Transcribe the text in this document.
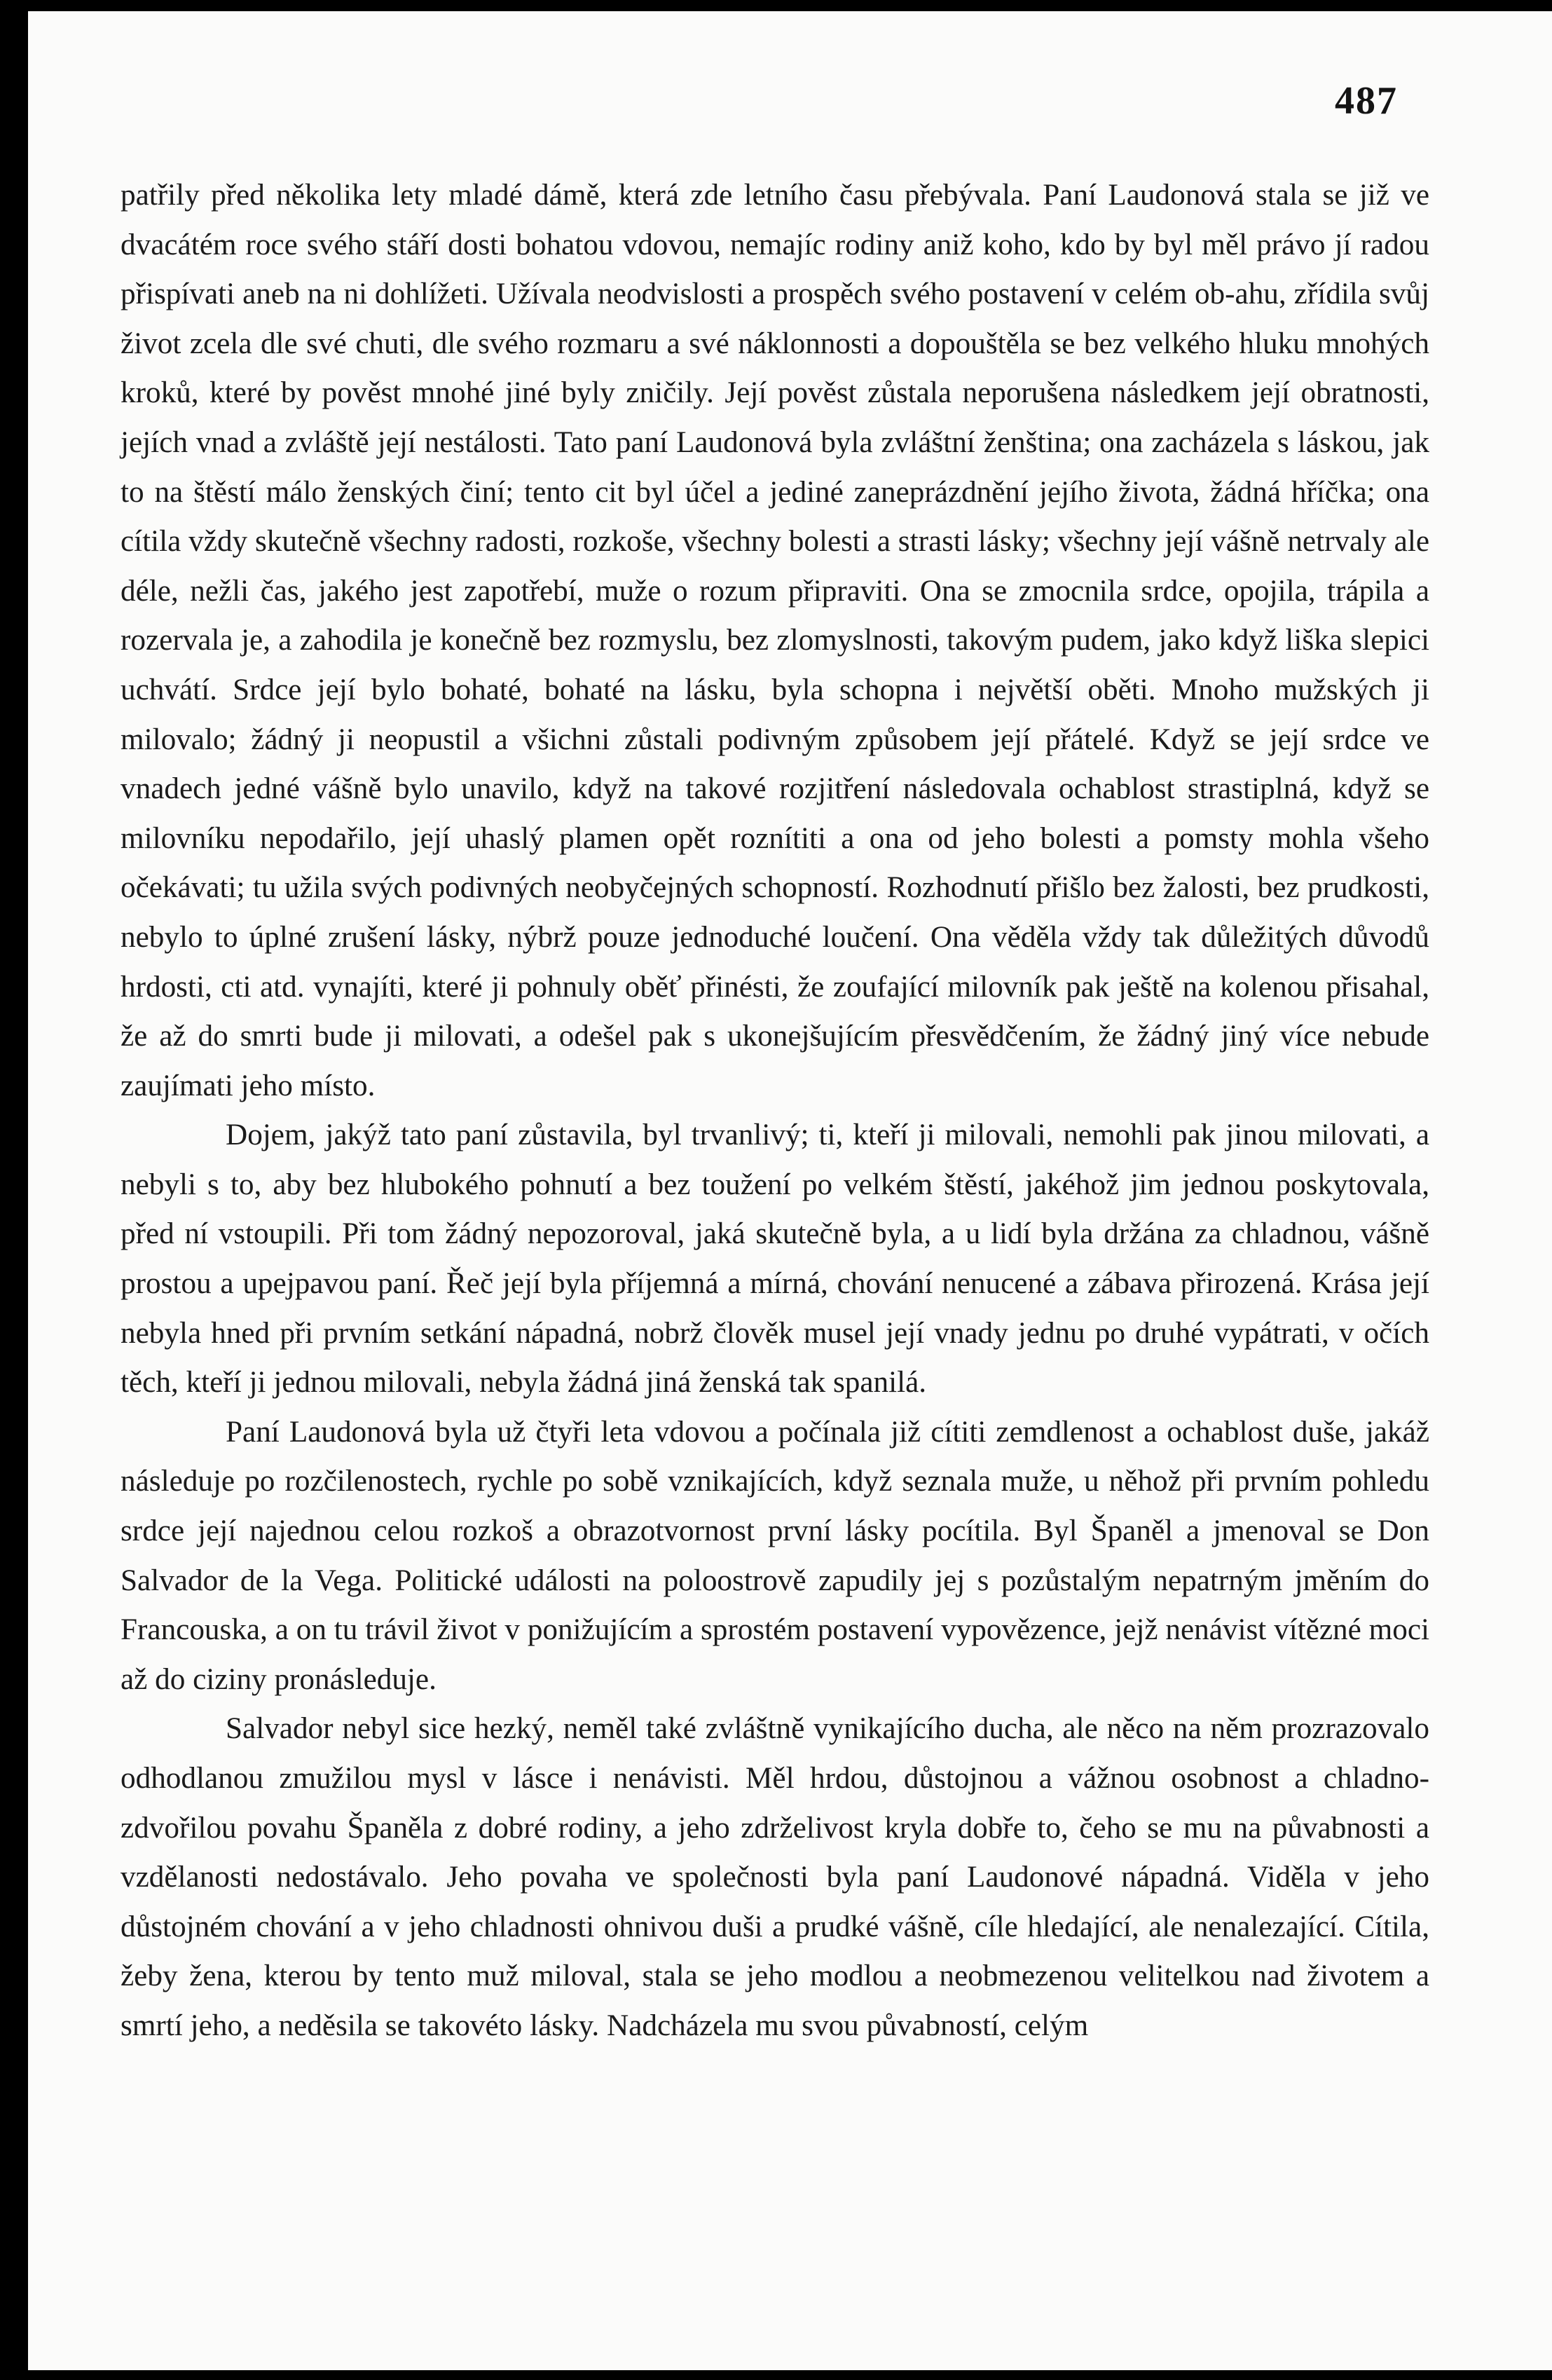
487

patřily před několika lety mladé dámě, která zde letního času přebývala. Paní Laudonová stala se již ve dvacátém roce svého stáří dosti bohatou vdovou, nemajíc rodiny aniž koho, kdo by byl měl právo jí radou přispívati aneb na ni dohlížeti. Užívala neodvislosti a prospěch svého postavení v celém ob-ahu, zřídila svůj život zcela dle své chuti, dle svého rozmaru a své náklonnosti a dopouštěla se bez velkého hluku mnohých kroků, které by pověst mnohé jiné byly zničily. Její pověst zůstala neporušena následkem její obratnosti, jejích vnad a zvláště její nestálosti. Tato paní Laudonová byla zvláštní ženština; ona zacházela s láskou, jak to na štěstí málo ženských činí; tento cit byl účel a jediné zaneprázdnění jejího života, žádná hříčka; ona cítila vždy skutečně všechny radosti, rozkoše, všechny bolesti a strasti lásky; všechny její vášně netrvaly ale déle, nežli čas, jakého jest zapotřebí, muže o rozum připraviti. Ona se zmocnila srdce, opojila, trápila a rozervala je, a zahodila je konečně bez rozmyslu, bez zlomyslnosti, takovým pudem, jako když liška slepici uchvátí. Srdce její bylo bohaté, bohaté na lásku, byla schopna i největší oběti. Mnoho mužských ji milovalo; žádný ji neopustil a všichni zůstali podivným způsobem její přátelé. Když se její srdce ve vnadech jedné vášně bylo unavilo, když na takové rozjitření následovala ochablost strastiplná, když se milovníku nepodařilo, její uhaslý plamen opět roznítiti a ona od jeho bolesti a pomsty mohla všeho očekávati; tu užila svých podivných neobyčejných schopností. Rozhodnutí přišlo bez žalosti, bez prudkosti, nebylo to úplné zrušení lásky, nýbrž pouze jednoduché loučení. Ona věděla vždy tak důležitých důvodů hrdosti, cti atd. vynajíti, které ji pohnuly oběť přinésti, že zoufající milovník pak ještě na kolenou přisahal, že až do smrti bude ji milovati, a odešel pak s ukonejšujícím přesvědčením, že žádný jiný více nebude zaujímati jeho místo.

Dojem, jakýž tato paní zůstavila, byl trvanlivý; ti, kteří ji milovali, nemohli pak jinou milovati, a nebyli s to, aby bez hlubokého pohnutí a bez toužení po velkém štěstí, jakéhož jim jednou poskytovala, před ní vstoupili. Při tom žádný nepozoroval, jaká skutečně byla, a u lidí byla držána za chladnou, vášně prostou a upejpavou paní. Řeč její byla příjemná a mírná, chování nenucené a zábava přirozená. Krása její nebyla hned při prvním setkání nápadná, nobrž člověk musel její vnady jednu po druhé vypátrati, v očích těch, kteří ji jednou milovali, nebyla žádná jiná ženská tak spanilá.

Paní Laudonová byla už čtyři leta vdovou a počínala již cítiti zemdlenost a ochablost duše, jakáž následuje po rozčilenostech, rychle po sobě vznikajících, když seznala muže, u něhož při prvním pohledu srdce její najednou celou rozkoš a obrazotvornost první lásky pocítila. Byl Španěl a jmenoval se Don Salvador de la Vega. Politické události na poloostrově zapudily jej s pozůstalým nepatrným jměním do Francouska, a on tu trávil život v ponižujícím a sprostém postavení vypovězence, jejž nenávist vítězné moci až do ciziny pronásleduje.

Salvador nebyl sice hezký, neměl také zvláštně vynikajícího ducha, ale něco na něm prozrazovalo odhodlanou zmužilou mysl v lásce i nenávisti. Měl hrdou, důstojnou a vážnou osobnost a chladno-zdvořilou povahu Španěla z dobré rodiny, a jeho zdrželivost kryla dobře to, čeho se mu na půvabnosti a vzdělanosti nedostávalo. Jeho povaha ve společnosti byla paní Laudonové nápadná. Viděla v jeho důstojném chování a v jeho chladnosti ohnivou duši a prudké vášně, cíle hledající, ale nenalezající. Cítila, žeby žena, kterou by tento muž miloval, stala se jeho modlou a neobmezenou velitelkou nad životem a smrtí jeho, a neděsila se takovéto lásky. Nadcházela mu svou půvabností, celým
